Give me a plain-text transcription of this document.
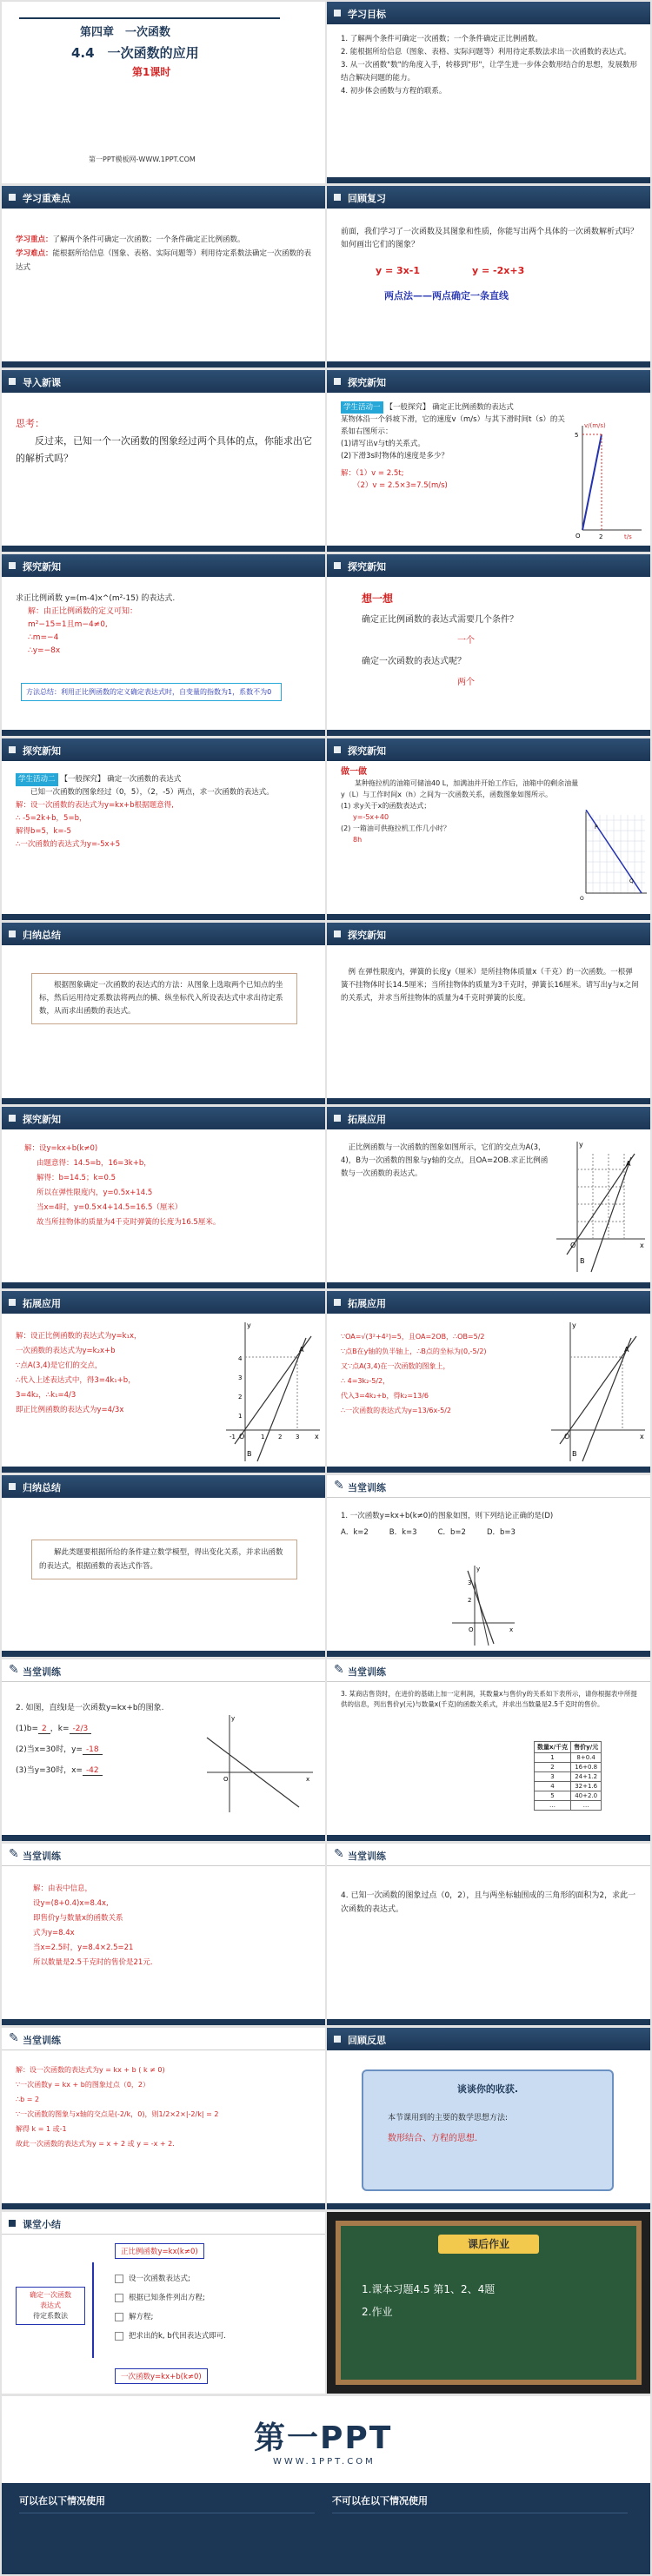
第四章　一次函数
4.4　一次函数的应用
第1课时
第一PPT模板网-WWW.1PPT.COM
学习目标
1. 了解两个条件可确定一次函数；一个条件确定正比例函数。
2. 能根据所给信息（图象、表格、实际问题等）利用待定系数法求出一次函数的表达式。
3. 从一次函数"数"的角度入手，转移到"形"，让学生进一步体会数形结合的思想，发展数形结合解决问题的能力。
4. 初步体会函数与方程的联系。
学习重难点
学习重点：了解两个条件可确定一次函数；一个条件确定正比例函数。
学习难点：能根据所给信息（图象、表格、实际问题等）利用待定系数法确定一次函数的表达式
回顾复习
前面，我们学习了一次函数及其图象和性质，你能写出两个具体的一次函数解析式吗？如何画出它们的图象？
y = 3x-1	y = -2x+3
两点法——两点确定一条直线
导入新课
思考：
反过来，已知一个一次函数的图象经过两个具体的点，你能求出它的解析式吗？
探究新知
学生活动一 【一般探究】 确定正比例函数的表达式
某物体沿一个斜坡下滑，它的速度v（m/s）与其下滑时间t（s）的关系如右图所示：
(1)请写出v与t的关系式。
(2)下滑3s时物体的速度是多少？
解：（1）v = 2.5t;
（2）v = 2.5×3=7.5(m/s)
v/(m/s)
t/s
5
2
O
探究新知
求正比例函数 y=(m-4)x^(m²-15) 的表达式.
解：由正比例函数的定义可知：
m²−15=1且m−4≠0,
∴m=−4
∴y=−8x
方法总结：利用正比例函数的定义确定表达式时，自变量的指数为1，系数不为0
探究新知
想一想
确定正比例函数的表达式需要几个条件？
一个
确定一次函数的表达式呢？
两个
探究新知
学生活动二 【一般探究】 确定一次函数的表达式
已知一次函数的图象经过（0，5），（2，-5）两点，求一次函数的表达式。
解：设一次函数的表达式为y=kx+b根据题意得,
∴ -5=2k+b，5=b，
解得b=5，k=-5
∴一次函数的表达式为y=-5x+5
探究新知
做一做
某种拖拉机的油箱可储油40 L，加满油并开始工作后，油箱中的剩余油量y（L）与工作时间x（h）之间为一次函数关系，函数图象如图所示。
(1) 求y关于x的函数表达式；
y=-5x+40
(2) 一箱油可供拖拉机工作几小时？
8h
P
Q
O
归纳总结
根据图象确定一次函数的表达式的方法：从图象上选取两个已知点的坐标，然后运用待定系数法将两点的横、纵坐标代入所设表达式中求出待定系数，从而求出函数的表达式。
探究新知
例 在弹性限度内，弹簧的长度y（厘米）是所挂物体质量x（千克）的一次函数。一根弹簧不挂物体时长14.5厘米；当所挂物体的质量为3千克时，弹簧长16厘米。请写出y与x之间的关系式，并求当所挂物体的质量为4千克时弹簧的长度。
探究新知
解：设y=kx+b(k≠0)
由题意得：14.5=b，16=3k+b，
解得：b=14.5；k=0.5
所以在弹性限度内，y=0.5x+14.5
当x=4时，y=0.5×4+14.5=16.5（厘米）
故当所挂物体的质量为4千克时弹簧的长度为16.5厘米。
拓展应用
正比例函数与一次函数的图象如图所示，它们的交点为A(3，4)，B为一次函数的图象与y轴的交点，且OA=2OB.求正比例函数与一次函数的表达式。
A
B
y
x
O
拓展应用
解：设正比例函数的表达式为y=k₁x，
一次函数的表达式为y=k₂x+b
∵点A(3,4)是它们的交点，
∴代入上述表达式中，得3=4k₁+b，
3=4k₂，∴k₁=4/3
即正比例函数的表达式为y=4/3x
A
B
y
x
O
4
3
2
1
-1	1 2 3
拓展应用
∵OA=√(3²+4²)=5，且OA=2OB，∴OB=5/2
∵点B在y轴的负半轴上，∴B点的坐标为(0,-5/2)
又∵点A(3,4)在一次函数的图象上，
∴ 4=3k₂-5/2，
代入3=4k₂+b，得k₂=13/6
∴一次函数的表达式为y=13/6x-5/2
A
B
y
x
O
归纳总结
解此类题要根据所给的条件建立数学模型，得出变化关系，并求出函数的表达式，根据函数的表达式作答。
✎ 当堂训练
1. 一次函数y=kx+b(k≠0)的图象如图，则下列结论正确的是(D)
A．k=2	B．k=3	C．b=2	D．b=3
y
x
O
3
2
✎ 当堂训练
2. 如图，直线l是一次函数y=kx+b的图象.
(1)b= 2 ，k= -2/3
(2)当x=30时，y= -18
(3)当y=30时，x= -42
y
x
O
✎ 当堂训练
3. 某商店售货时，在进价的基础上加一定利润，其数量x与售价y的关系如下表所示，请你根据表中所提供的信息，列出售价y(元)与数量x(千克)的函数关系式，并求出当数量是2.5千克时的售价。
数量x/千克	售价y/元
1	8+0.4
2	16+0.8
3	24+1.2
4	32+1.6
5	40+2.0
…	…
✎ 当堂训练
解：由表中信息，
设y=(8+0.4)x=8.4x,
即售价y与数量x的函数关系
式为y=8.4x
当x=2.5时，y=8.4×2.5=21
所以数量是2.5千克时的售价是21元.
✎ 当堂训练
4. 已知一次函数的图象过点（0，2），且与两坐标轴围成的三角形的面积为2，求此一次函数的表达式。
✎ 当堂训练
解：设一次函数的表达式为y = kx + b ( k ≠ 0)
∵一次函数y = kx + b的图象过点（0，2）
∴b = 2
∵一次函数的图象与x轴的交点是(-2/k，0)，则1/2×2×|-2/k| = 2
解得 k = 1 或-1
故此一次函数的表达式为y = x + 2 或 y = -x + 2.
回顾反思
谈谈你的收获.
本节课用到的主要的数学思想方法:
数形结合、方程的思想.
课堂小结
正比例函数y=kx(k≠0)
确定一次函数
表达式
待定系数法
设一次函数表达式;
根据已知条件列出方程;
解方程;
把求出的k, b代回表达式即可.
一次函数y=kx+b(k≠0)
课后作业
1.课本习题4.5 第1、2、4题
2.作业
第一PPT
WWW.1PPT.COM
可以在以下情况使用	不可以在以下情况使用
